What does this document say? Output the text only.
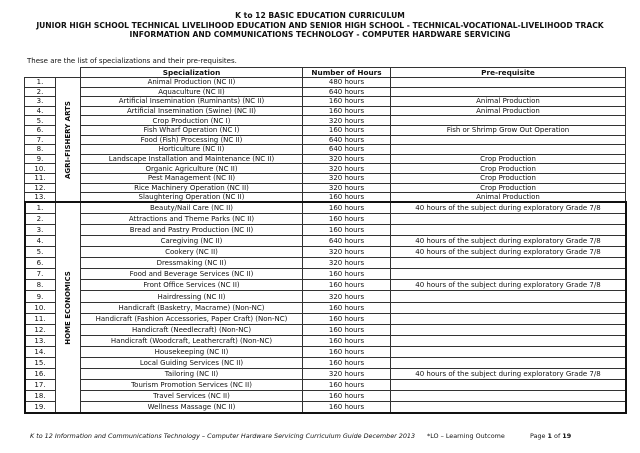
K to 12 BASIC EDUCATION CURRICULUM
JUNIOR HIGH SCHOOL TECHNICAL LIVELIHOOD EDUCATION AND SENIOR HIGH SCHOOL - TECHNICAL-VOCATIONAL-LIVELIHOOD TRACK
INFORMATION AND COMMUNICATIONS TECHNOLOGY - COMPUTER HARDWARE SERVICING
These are the list of specializations and their pre-requisites.
		Specialization	Number of Hours	Pre-requisite
1.	AGRI-FISHERY ARTS	Animal Production (NC II)	480 hours	
2.		Aquaculture (NC II)	640 hours	
3.		Artificial Insemination (Ruminants) (NC II)	160 hours	Animal Production
4.		Artificial Insemination (Swine) (NC II)	160 hours	Animal Production
5.		Crop Production (NC I)	320 hours	
6.		Fish Wharf Operation (NC I)	160 hours	Fish or Shrimp Grow Out Operation
7.		Food (Fish) Processing (NC II)	640 hours	
8.		Horticulture (NC II)	640 hours	
9.		Landscape Installation and Maintenance (NC II)	320 hours	Crop Production
10.		Organic Agriculture (NC II)	320 hours	Crop Production
11.		Pest Management (NC II)	320 hours	Crop Production
12.		Rice Machinery Operation (NC II)	320 hours	Crop Production
13.		Slaughtering Operation (NC II)	160 hours	Animal Production
1.	HOME ECONOMICS	Beauty/Nail Care (NC II)	160 hours	40 hours of the subject during exploratory Grade 7/8
2.		Attractions and Theme Parks (NC II)	160 hours	
3.		Bread and Pastry Production (NC II)	160 hours	
4.		Caregiving (NC II)	640 hours	40 hours of the subject during exploratory Grade 7/8
5.		Cookery (NC II)	320 hours	40 hours of the subject during exploratory Grade 7/8
6.		Dressmaking (NC II)	320 hours	
7.		Food and Beverage Services (NC II)	160 hours	
8.		Front Office Services (NC II)	160 hours	40 hours of the subject during exploratory Grade 7/8
9.		Hairdressing (NC II)	320 hours	
10.		Handicraft (Basketry, Macrame) (Non-NC)	160 hours	
11.		Handicraft (Fashion Accessories, Paper Craft) (Non-NC)	160 hours	
12.		Handicraft (Needlecraft) (Non-NC)	160 hours	
13.		Handicraft (Woodcraft, Leathercraft) (Non-NC)	160 hours	
14.		Housekeeping (NC II)	160 hours	
15.		Local Guiding Services (NC II)	160 hours	
16.		Tailoring (NC II)	320 hours	40 hours of the subject during exploratory Grade 7/8
17.		Tourism Promotion Services (NC II)	160 hours	
18.		Travel Services (NC II)	160 hours	
19.		Wellness Massage (NC II)	160 hours	
K to 12 Information and Communications Technology – Computer Hardware Servicing Curriculum Guide December 2013 *LO – Learning Outcome	Page 1 of 19
